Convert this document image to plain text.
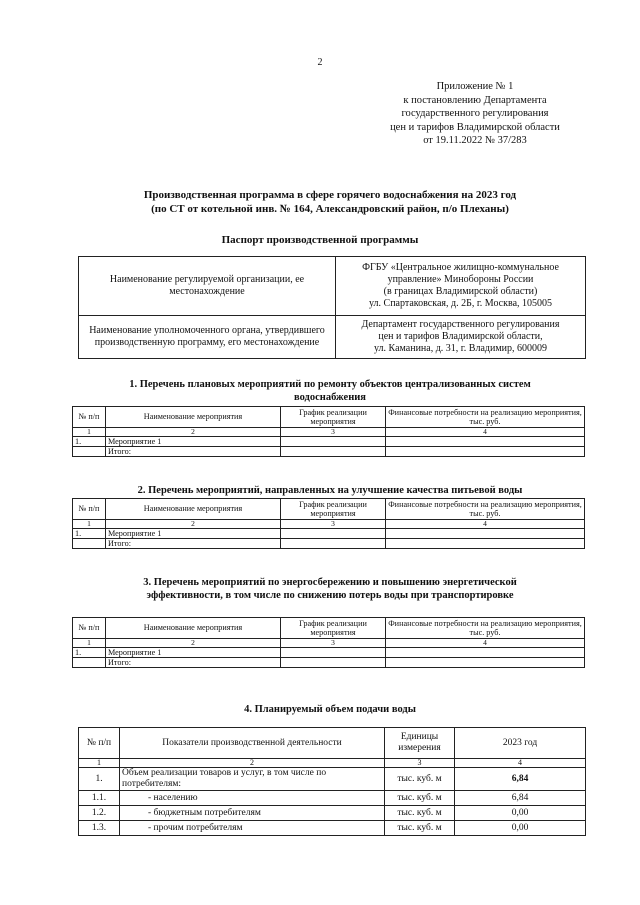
2
Приложение № 1
к постановлению Департамента
государственного регулирования
цен и тарифов Владимирской области
от 19.11.2022 № 37/283
Производственная программа в сфере горячего водоснабжения на 2023 год
(по СТ от котельной инв. № 164, Александровский район, п/о Плеханы)
Паспорт производственной программы
Наименование регулируемой организации, ее местонахождение	ФГБУ «Центральное жилищно-коммунальное
управление» Минобороны России
(в границах Владимирской области)
ул. Спартаковская, д. 2Б, г. Москва, 105005

Наименование уполномоченного органа, утвердившего производственную программу, его местонахождение	Департамент государственного регулирования
цен и тарифов Владимирской области,
ул. Каманина, д. 31, г. Владимир, 600009
1. Перечень плановых мероприятий по ремонту объектов централизованных систем
водоснабжения
№ п/п	Наименование мероприятия	График реализации мероприятия	Финансовые потребности на реализацию мероприятия, тыс. руб.
1	2	3	4
1.	Мероприятие 1		
	Итого:		
2. Перечень мероприятий, направленных на улучшение качества питьевой воды
№ п/п	Наименование мероприятия	График реализации мероприятия	Финансовые потребности на реализацию мероприятия, тыс. руб.
1	2	3	4
1.	Мероприятие 1		
	Итого:		
3. Перечень мероприятий по энергосбережению и повышению энергетической
эффективности, в том числе по снижению потерь воды при транспортировке
№ п/п	Наименование мероприятия	График реализации мероприятия	Финансовые потребности на реализацию мероприятия, тыс. руб.
1	2	3	4
1.	Мероприятие 1		
	Итого:		
4. Планируемый объем подачи воды
№ п/п	Показатели производственной деятельности	Единицы измерения	2023 год
1	2	3	4
1.	Объем реализации товаров и услуг, в том числе по потребителям:	тыс. куб. м	6,84
1.1.	- населению	тыс. куб. м	6,84
1.2.	- бюджетным потребителям	тыс. куб. м	0,00
1.3.	- прочим потребителям	тыс. куб. м	0,00
